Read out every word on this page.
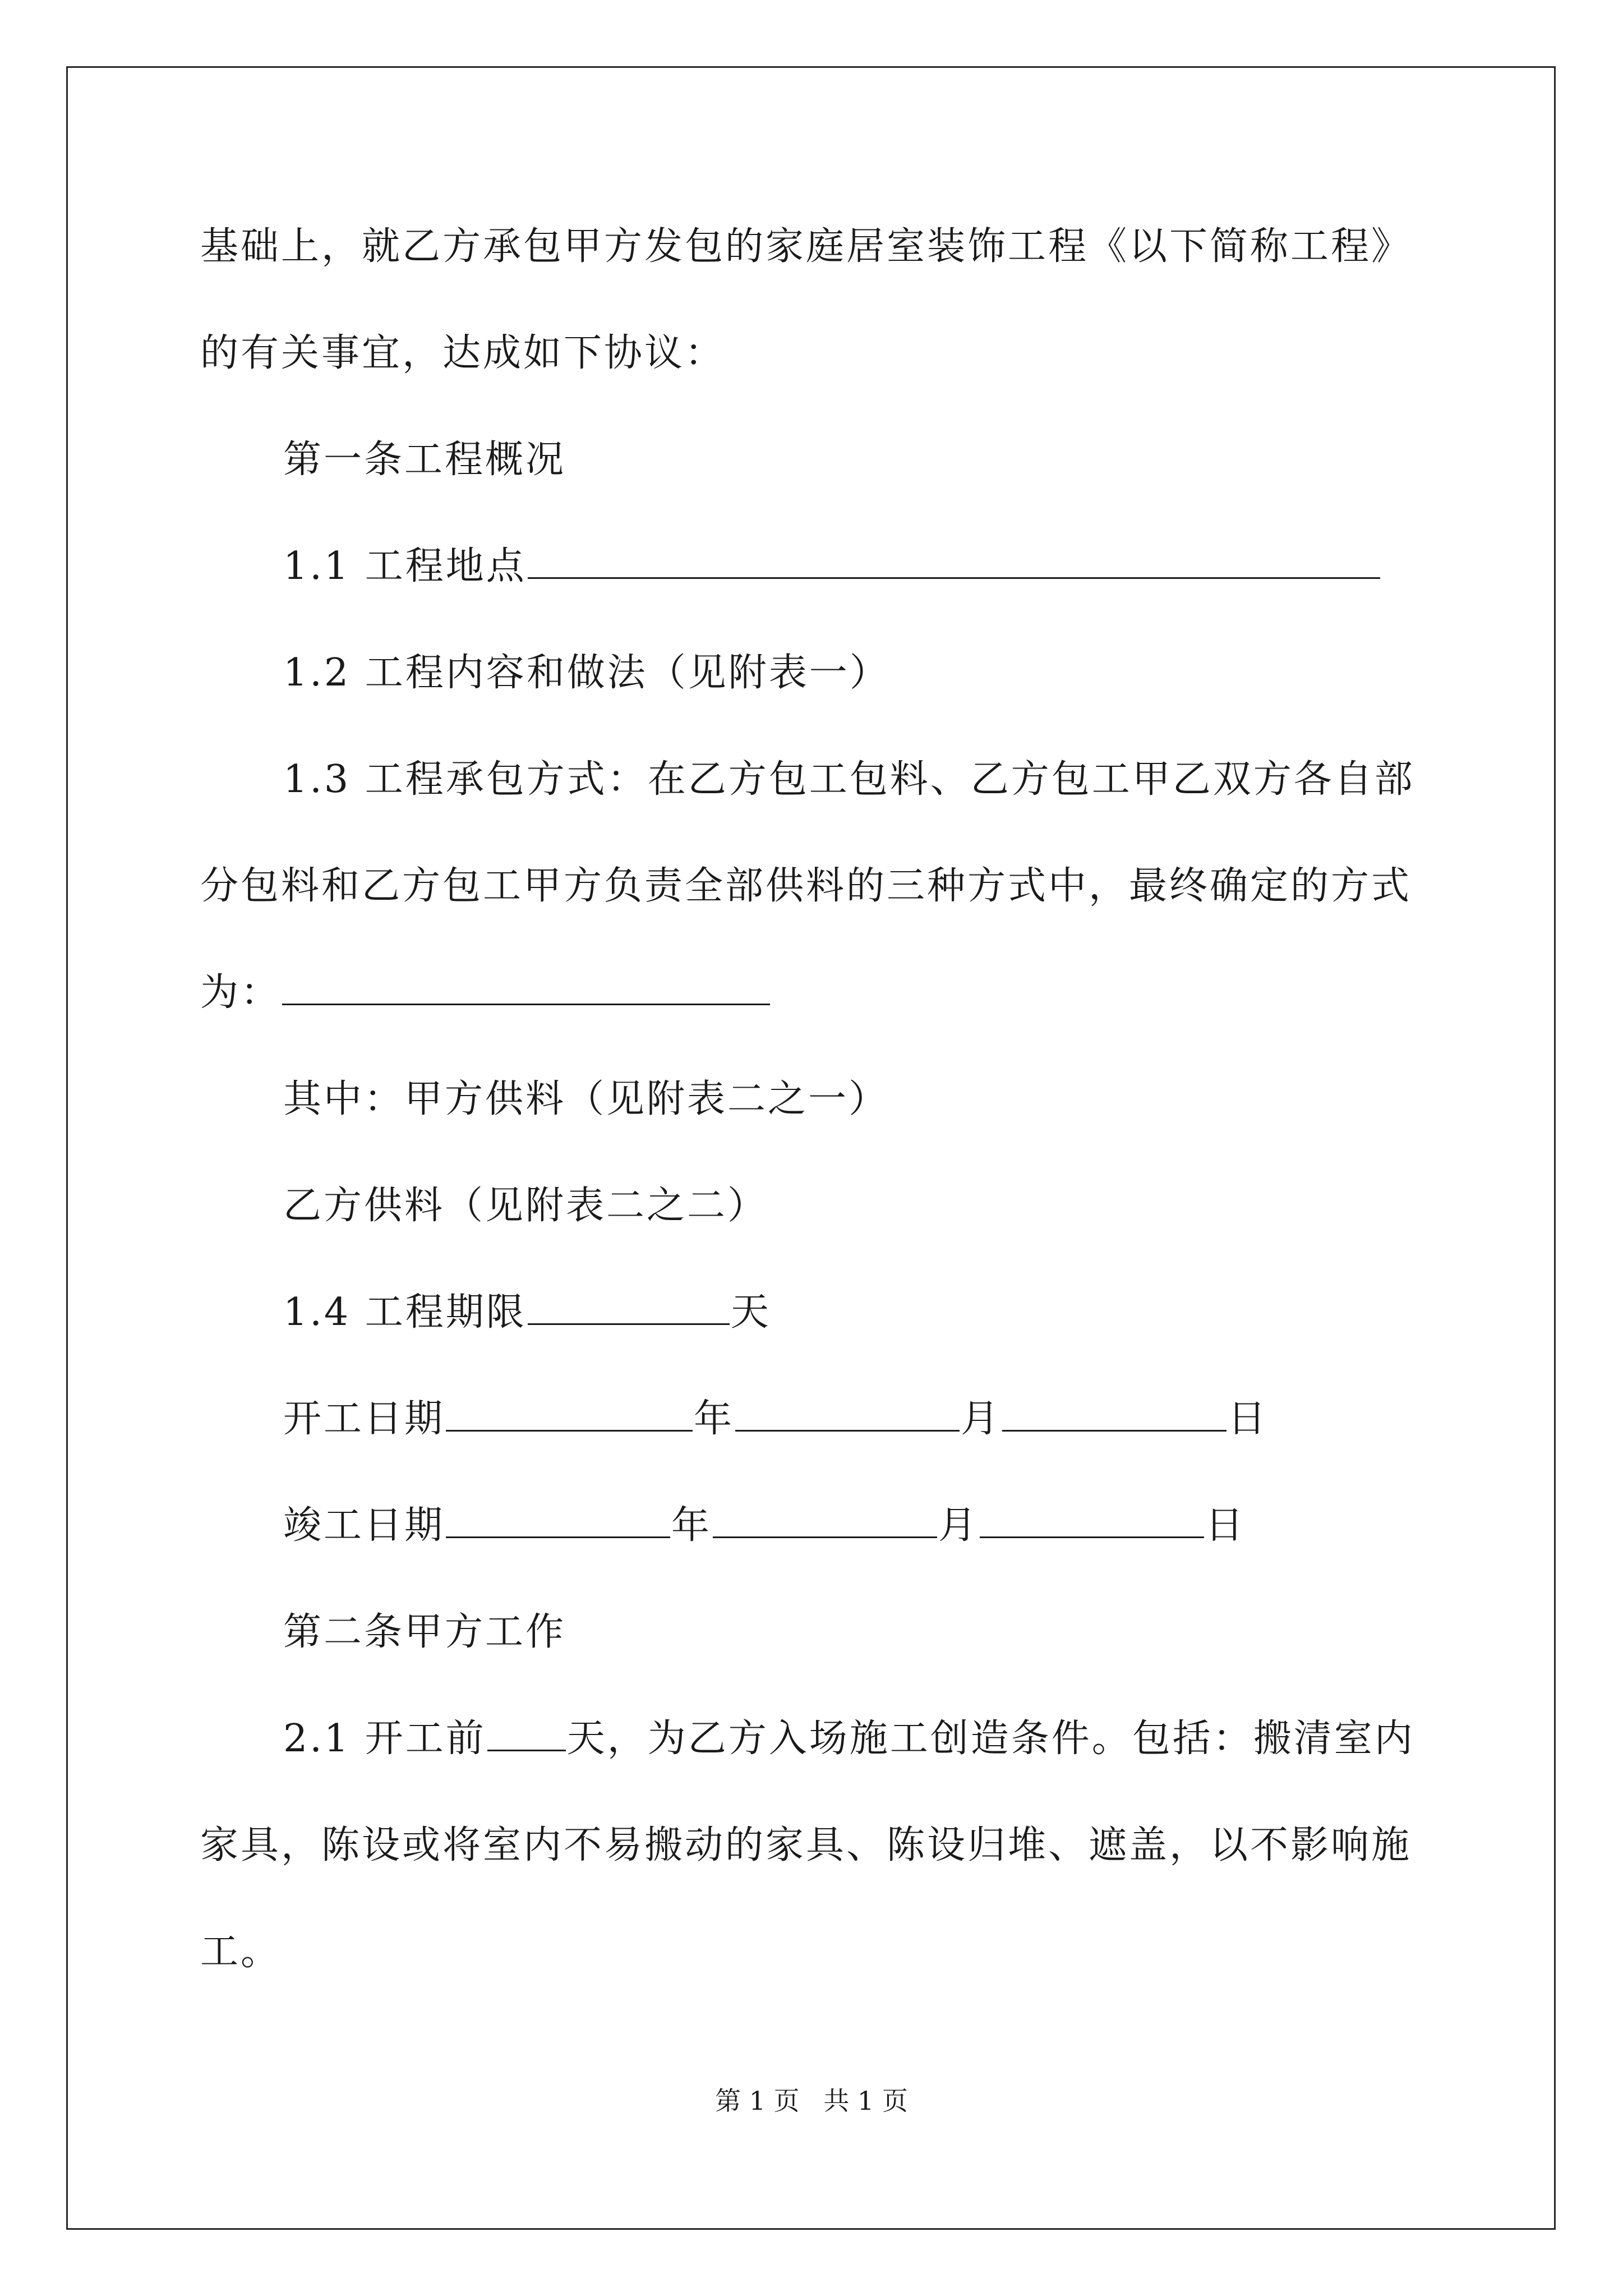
基础上，就乙方承包甲方发包的家庭居室装饰工程《以下简称工程》
的有关事宜，达成如下协议：
第一条工程概况
1.1 工程地点
1.2 工程内容和做法（见附表一）
1.3 工程承包方式：在乙方包工包料、乙方包工甲乙双方各自部
分包料和乙方包工甲方负责全部供料的三种方式中，最终确定的方式
为：
其中：甲方供料（见附表二之一）
乙方供料（见附表二之二）
1.4 工程期限	天
开工日期	年	月	日
竣工日期	年	月	日
第二条甲方工作
2.1 开工前 天，为乙方入场施工创造条件。包括：搬清室内
家具，陈设或将室内不易搬动的家具、陈设归堆、遮盖，以不影响施
工。
第 1 页 共 1 页
